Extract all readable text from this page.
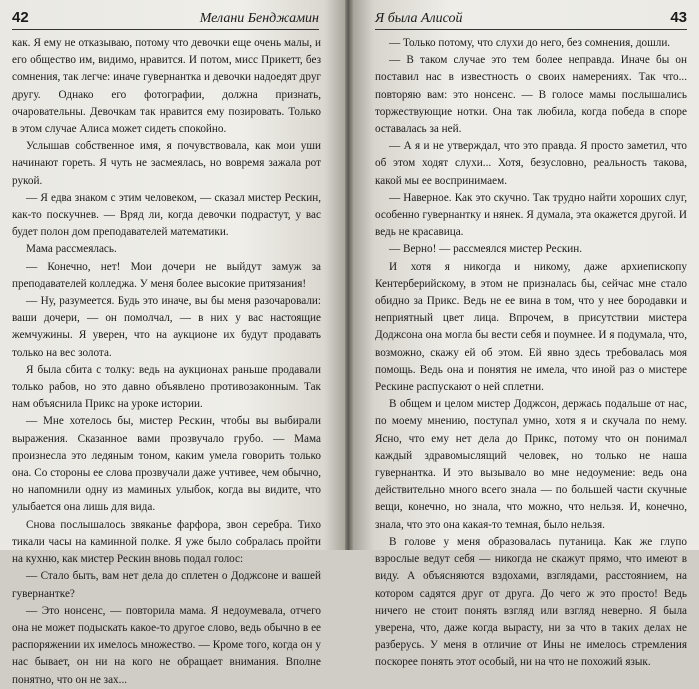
42	Мелани Бенджамин

как. Я ему не отказываю, потому что девочки еще очень малы, и его общество им, видимо, нравится. И потом, мисс Прикетт, без сомнения, так легче: иначе гувернантка и девочки надоедят друг другу. Однако его фотографии, должна признать, очаровательны. Девочкам так нравится ему позировать. Только в этом случае Алиса может сидеть спокойно.

Услышав собственное имя, я почувствовала, как мои уши начинают гореть. Я чуть не засмеялась, но вовремя зажала рот рукой.

— Я едва знаком с этим человеком, — сказал мистер Рескин, как-то поскучнев. — Вряд ли, когда девочки подрастут, у вас будет полон дом преподавателей математики.

Мама рассмеялась.

— Конечно, нет! Мои дочери не выйдут замуж за преподавателей колледжа. У меня более высокие притязания!

— Ну, разумеется. Будь это иначе, вы бы меня разочаровали: ваши дочери, — он помолчал, — в них у вас настоящие жемчужины. Я уверен, что на аукционе их будут продавать только на вес золота.

Я была сбита с толку: ведь на аукционах раньше продавали только рабов, но это давно объявлено противозаконным. Так нам объяснила Прикс на уроке истории.

— Мне хотелось бы, мистер Рескин, чтобы вы выбирали выражения. Сказанное вами прозвучало грубо. — Мама произнесла это ледяным тоном, каким умела говорить только она. Со стороны ее слова прозвучали даже учтивее, чем обычно, но напомнили одну из маминых улыбок, когда вы видите, что улыбается она лишь для вида.

Снова послышалось звяканье фарфора, звон серебра. Тихо тикали часы на каминной полке. Я уже было собралась пройти на кухню, как мистер Рескин вновь подал голос:

— Стало быть, вам нет дела до сплетен о Доджсоне и вашей гувернантке?

— Это нонсенс, — повторила мама. Я недоумевала, отчего она не может подыскать какое-то другое слово, ведь обычно в ее распоряжении их имелось множество. — Кроме того, когда он у нас бывает, он ни на кого не обращает внимания. Вполне понятно, что он не зах...

Я была Алисой	43

— Только потому, что слухи до него, без сомнения, дошли.

— В таком случае это тем более неправда. Иначе бы он поставил нас в известность о своих намерениях. Так что... повторяю вам: это нонсенс. — В голосе мамы послышались торжествующие нотки. Она так любила, когда победа в споре оставалась за ней.

— А я и не утверждал, что это правда. Я просто заметил, что об этом ходят слухи... Хотя, безусловно, реальность такова, какой мы ее воспринимаем.

— Наверное. Как это скучно. Так трудно найти хороших слуг, особенно гувернантку и нянек. Я думала, эта окажется другой. И ведь не красавица.

— Верно! — рассмеялся мистер Рескин.

И хотя я никогда и никому, даже архиепископу Кентерберийскому, в этом не призналась бы, сейчас мне стало обидно за Прикс. Ведь не ее вина в том, что у нее бородавки и неприятный цвет лица. Впрочем, в присутствии мистера Доджсона она могла бы вести себя и поумнее. И я подумала, что, возможно, скажу ей об этом. Ей явно здесь требовалась моя помощь. Ведь она и понятия не имела, что иной раз о мистере Рескине распускают о ней сплетни.

В общем и целом мистер Доджсон, держась подальше от нас, по моему мнению, поступал умно, хотя я и скучала по нему. Ясно, что ему нет дела до Прикс, потому что он понимал каждый здравомыслящий человек, но только не наша гувернантка. И это вызывало во мне недоумение: ведь она действительно много всего знала — по большей части скучные вещи, конечно, но знала, что можно, что нельзя. И, конечно, знала, что это она какая-то темная, было нельзя.

В голове у меня образовалась путаница. Как же глупо взрослые ведут себя — никогда не скажут прямо, что имеют в виду. А объясняются вздохами, взглядами, расстоянием, на котором садятся друг от друга. До чего ж это просто! Ведь ничего не стоит понять взгляд или взгляд неверно. Я была уверена, что, даже когда вырасту, ни за что в таких делах не разберусь. У меня в отличие от Ины не имелось стремления поскорее понять этот особый, ни на что не похожий язык.
